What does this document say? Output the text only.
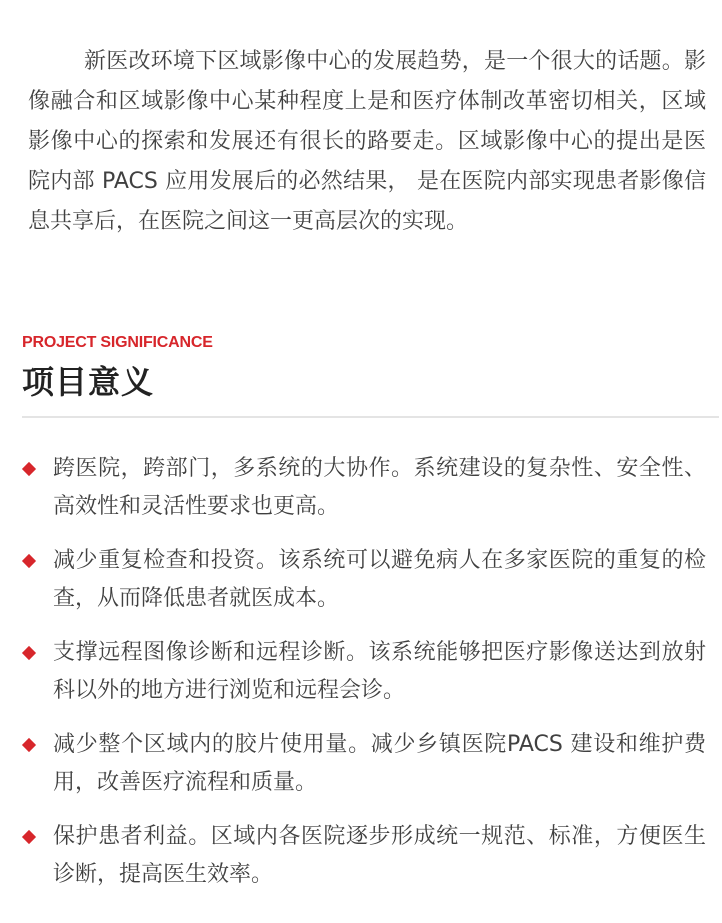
新医改环境下区域影像中心的发展趋势，是一个很大的话题。影像融合和区域影像中心某种程度上是和医疗体制改革密切相关，区域影像中心的探索和发展还有很长的路要走。区域影像中心的提出是医院内部 PACS 应用发展后的必然结果， 是在医院内部实现患者影像信息共享后，在医院之间这一更高层次的实现。

PROJECT SIGNIFICANCE
项目意义
跨医院，跨部门，多系统的大协作。系统建设的复杂性、安全性、高效性和灵活性要求也更高。
减少重复检查和投资。该系统可以避免病人在多家医院的重复的检查，从而降低患者就医成本。
支撑远程图像诊断和远程诊断。该系统能够把医疗影像送达到放射科以外的地方进行浏览和远程会诊。
减少整个区域内的胶片使用量。减少乡镇医院PACS 建设和维护费用，改善医疗流程和质量。
保护患者利益。区域内各医院逐步形成统一规范、标准，方便医生诊断，提高医生效率。
